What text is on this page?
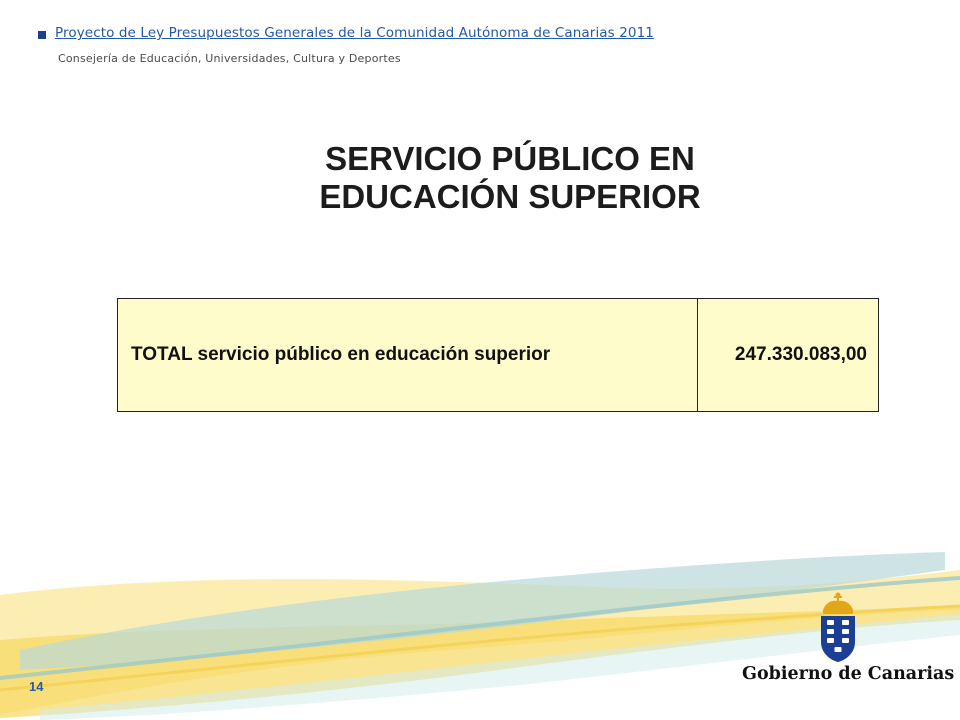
Proyecto de Ley Presupuestos Generales de la Comunidad Autónoma de Canarias 2011
Consejería de Educación, Universidades, Cultura y Deportes
SERVICIO PÚBLICO EN
EDUCACIÓN SUPERIOR
TOTAL servicio público en educación superior	247.330.083,00
Gobierno de Canarias
14
